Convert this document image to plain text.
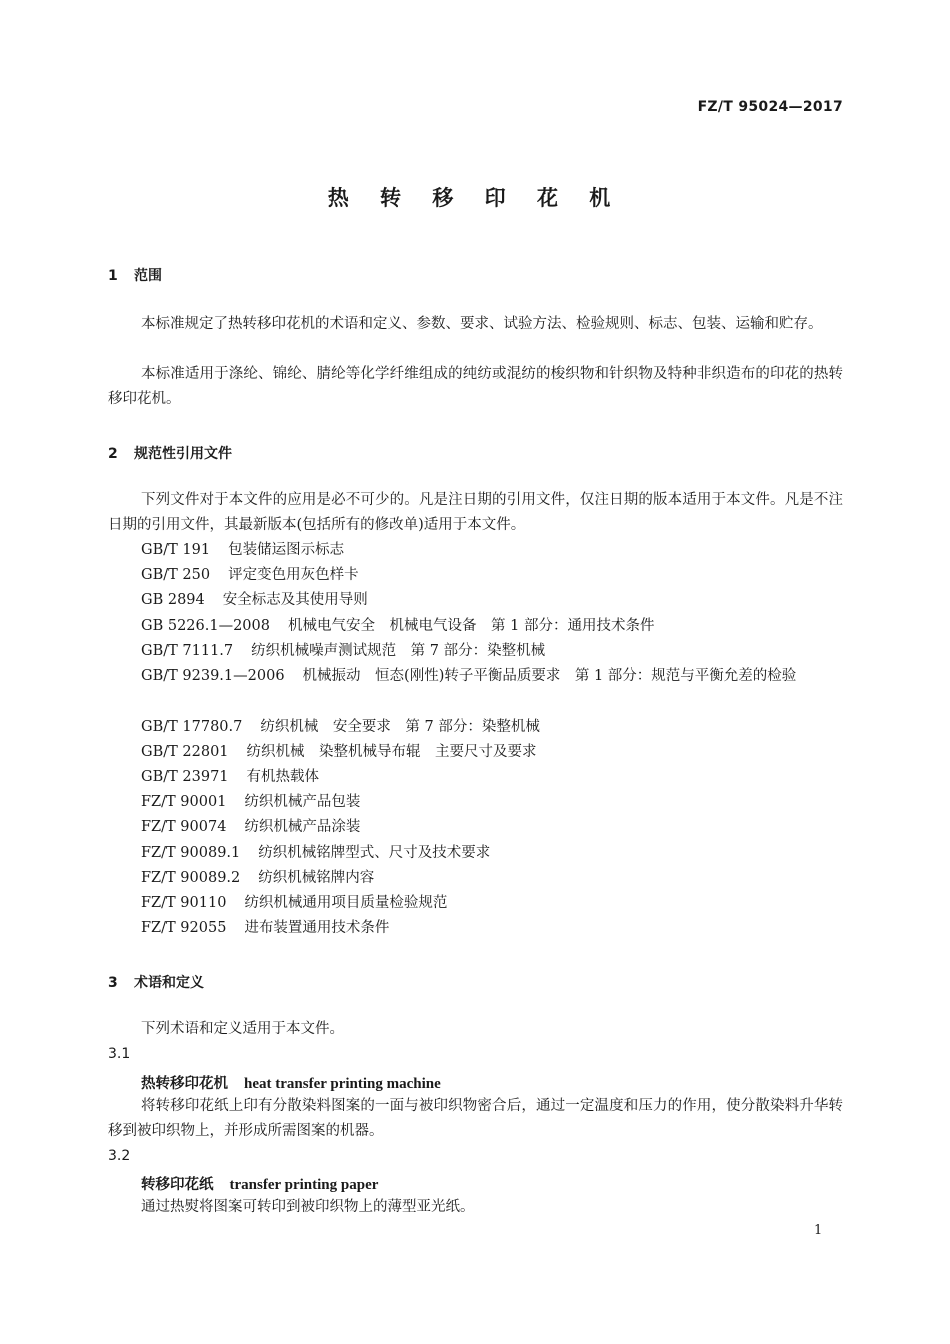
FZ/T 95024—2017
热 转 移 印 花 机
1 范围
本标准规定了热转移印花机的术语和定义、参数、要求、试验方法、检验规则、标志、包装、运输和贮存。
本标准适用于涤纶、锦纶、腈纶等化学纤维组成的纯纺或混纺的梭织物和针织物及特种非织造布的印花的热转移印花机。
2 规范性引用文件
下列文件对于本文件的应用是必不可少的。凡是注日期的引用文件，仅注日期的版本适用于本文件。凡是不注日期的引用文件，其最新版本(包括所有的修改单)适用于本文件。
GB/T 191 包装储运图示标志
GB/T 250 评定变色用灰色样卡
GB 2894 安全标志及其使用导则
GB 5226.1—2008 机械电气安全　机械电气设备　第 1 部分：通用技术条件
GB/T 7111.7 纺织机械噪声测试规范　第 7 部分：染整机械
GB/T 9239.1—2006 机械振动　恒态(刚性)转子平衡品质要求　第 1 部分：规范与平衡允差的检验
GB/T 17780.7 纺织机械　安全要求　第 7 部分：染整机械
GB/T 22801 纺织机械　染整机械导布辊　主要尺寸及要求
GB/T 23971 有机热载体
FZ/T 90001 纺织机械产品包装
FZ/T 90074 纺织机械产品涂装
FZ/T 90089.1 纺织机械铭牌型式、尺寸及技术要求
FZ/T 90089.2 纺织机械铭牌内容
FZ/T 90110 纺织机械通用项目质量检验规范
FZ/T 92055 进布装置通用技术条件
3 术语和定义
下列术语和定义适用于本文件。
3.1
热转移印花机 heat transfer printing machine
将转移印花纸上印有分散染料图案的一面与被印织物密合后，通过一定温度和压力的作用，使分散染料升华转移到被印织物上，并形成所需图案的机器。
3.2
转移印花纸 transfer printing paper
通过热熨将图案可转印到被印织物上的薄型亚光纸。
1
